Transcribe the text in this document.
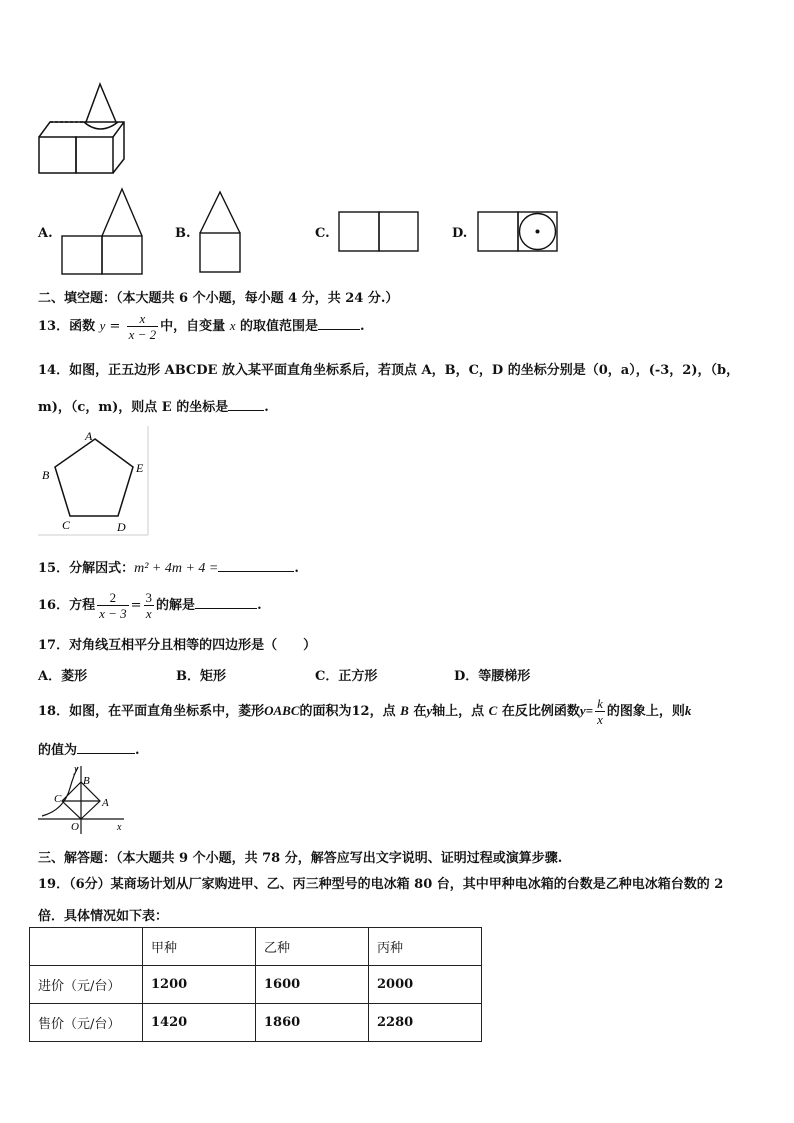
A.	B.	C.	D.
二、填空题：（本大题共 6 个小题，每小题 4 分，共 24 分.）
13．函数 $y = \frac{x}{x - 2}$ 中，自变量 x 的取值范围是	.
14．如图，正五边形 ABCDE 放入某平面直角坐标系后，若顶点 A，B，C，D 的坐标分别是（0，a），(-3，2)，（b，
m)，（c，m)，则点 E 的坐标是	.
A
B
C	D
E
15．分解因式：m² + 4m + 4 =	.
16．方程 $\frac{2}{x - 3} = \frac{3}{x}$ 的解是	.
17．对角线互相平分且相等的四边形是（　　）
A．菱形	B．矩形	C．正方形	D．等腰梯形
18．如图，在平面直角坐标系中，菱形OABC的面积为12，点 B 在y轴上，点 C 在反比例函数$y= \frac{k}{x}$ 的图象上，则k
的值为	.
y
B
C	A
O	x
三、解答题：（本大题共 9 个小题，共 78 分，解答应写出文字说明、证明过程或演算步骤.
19．（6分）某商场计划从厂家购进甲、乙、丙三种型号的电冰箱 80 台，其中甲种电冰箱的台数是乙种电冰箱台数的 2
倍．具体情况如下表：
	甲种	乙种	丙种
进价（元/台）	1200	1600	2000
售价（元/台）	1420	1860	2280
